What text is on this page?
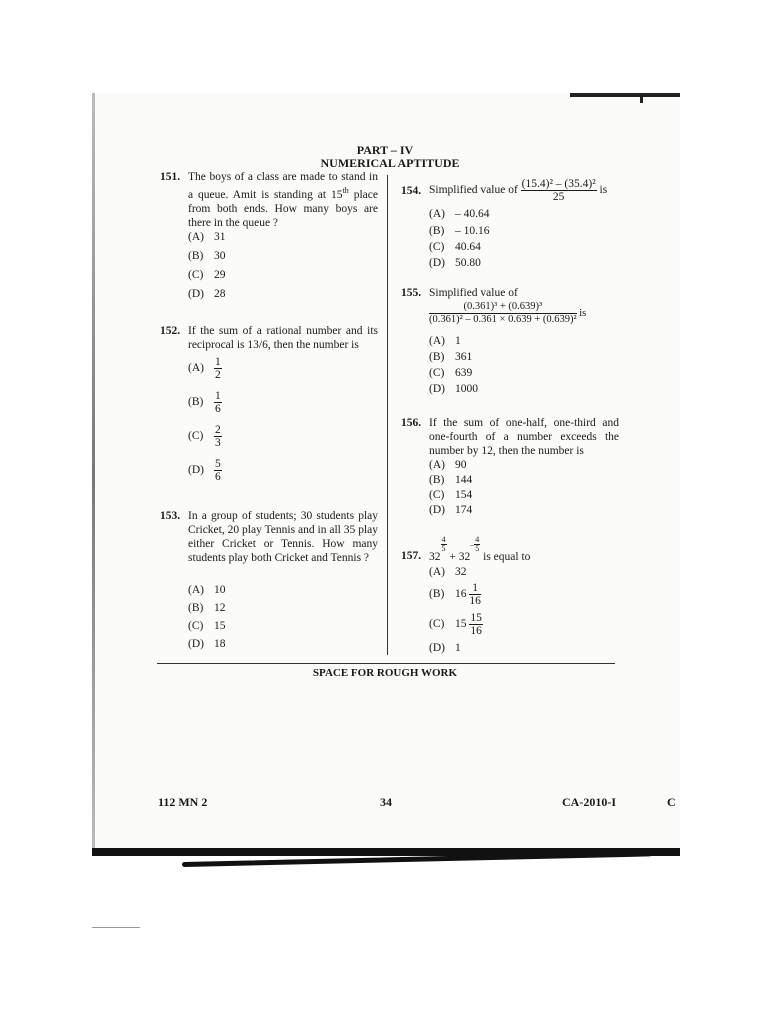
PART – IV
NUMERICAL APTITUDE
151. The boys of a class are made to stand in a queue. Amit is standing at 15th place from both ends. How many boys are there in the queue ?
(A) 31
(B) 30
(C) 29
(D) 28
152. If the sum of a rational number and its reciprocal is 13/6, then the number is
$(A) \frac{1}{2}$
$(B) \frac{1}{6}$
$(C) \frac{2}{3}$
$(D) \frac{5}{6}$
153. In a group of students; 30 students play Cricket, 20 play Tennis and in all 35 play either Cricket or Tennis. How many students play both Cricket and Tennis ?
(A) 10
(B) 12
(C) 15
(D) 18
154. Simplified value of $\frac{\text{(15.4)² – (35.4)²}}{25}$ is
(A) – 40.64
(B) – 10.16
(C) 40.64
(D) 50.80
155. Simplified value of
$\frac{\text{(0.361)³ + (0.639)³}}{\text{(0.361)² – 0.361 × 0.639 + (0.639)²}}$ is
(A) 1
(B) 361
(C) 639
(D) 1000
156. If the sum of one-half, one-third and one-fourth of a number exceeds the number by 12, then the number is
(A) 90
(B) 144
(C) 154
(D) 174
157. 32
$\frac{4}{5}$
+ $32- \frac{4}{5}$
is equal to
(A) 32
(B) $16 \frac{1}{16}$
(C) $15 \frac{15}{16}$
(D) 1
SPACE FOR ROUGH WORK
112 MN 2	34	CA-2010-I	C
